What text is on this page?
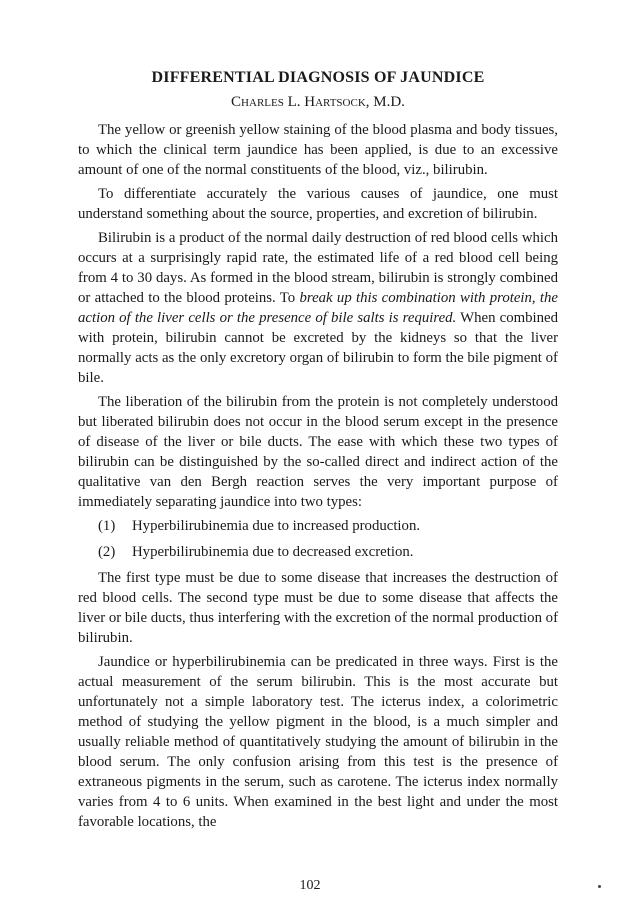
DIFFERENTIAL DIAGNOSIS OF JAUNDICE
Charles L. Hartsock, M.D.

The yellow or greenish yellow staining of the blood plasma and body tissues, to which the clinical term jaundice has been applied, is due to an excessive amount of one of the normal constituents of the blood, viz., bilirubin.

To differentiate accurately the various causes of jaundice, one must understand something about the source, properties, and excretion of bilirubin.

Bilirubin is a product of the normal daily destruction of red blood cells which occurs at a surprisingly rapid rate, the estimated life of a red blood cell being from 4 to 30 days. As formed in the blood stream, bilirubin is strongly combined or attached to the blood proteins. To break up this combination with protein, the action of the liver cells or the presence of bile salts is required. When combined with protein, bilirubin cannot be excreted by the kidneys so that the liver normally acts as the only excretory organ of bilirubin to form the bile pigment of bile.

The liberation of the bilirubin from the protein is not completely understood but liberated bilirubin does not occur in the blood serum except in the presence of disease of the liver or bile ducts. The ease with which these two types of bilirubin can be distinguished by the so-called direct and indirect action of the qualitative van den Bergh reaction serves the very important purpose of immediately separating jaundice into two types:

(1) Hyperbilirubinemia due to increased production.
(2) Hyperbilirubinemia due to decreased excretion.

The first type must be due to some disease that increases the destruction of red blood cells. The second type must be due to some disease that affects the liver or bile ducts, thus interfering with the excretion of the normal production of bilirubin.

Jaundice or hyperbilirubinemia can be predicated in three ways. First is the actual measurement of the serum bilirubin. This is the most accurate but unfortunately not a simple laboratory test. The icterus index, a colorimetric method of studying the yellow pigment in the blood, is a much simpler and usually reliable method of quantitatively studying the amount of bilirubin in the blood serum. The only confusion arising from this test is the presence of extraneous pigments in the serum, such as carotene. The icterus index normally varies from 4 to 6 units. When examined in the best light and under the most favorable locations, the

102
